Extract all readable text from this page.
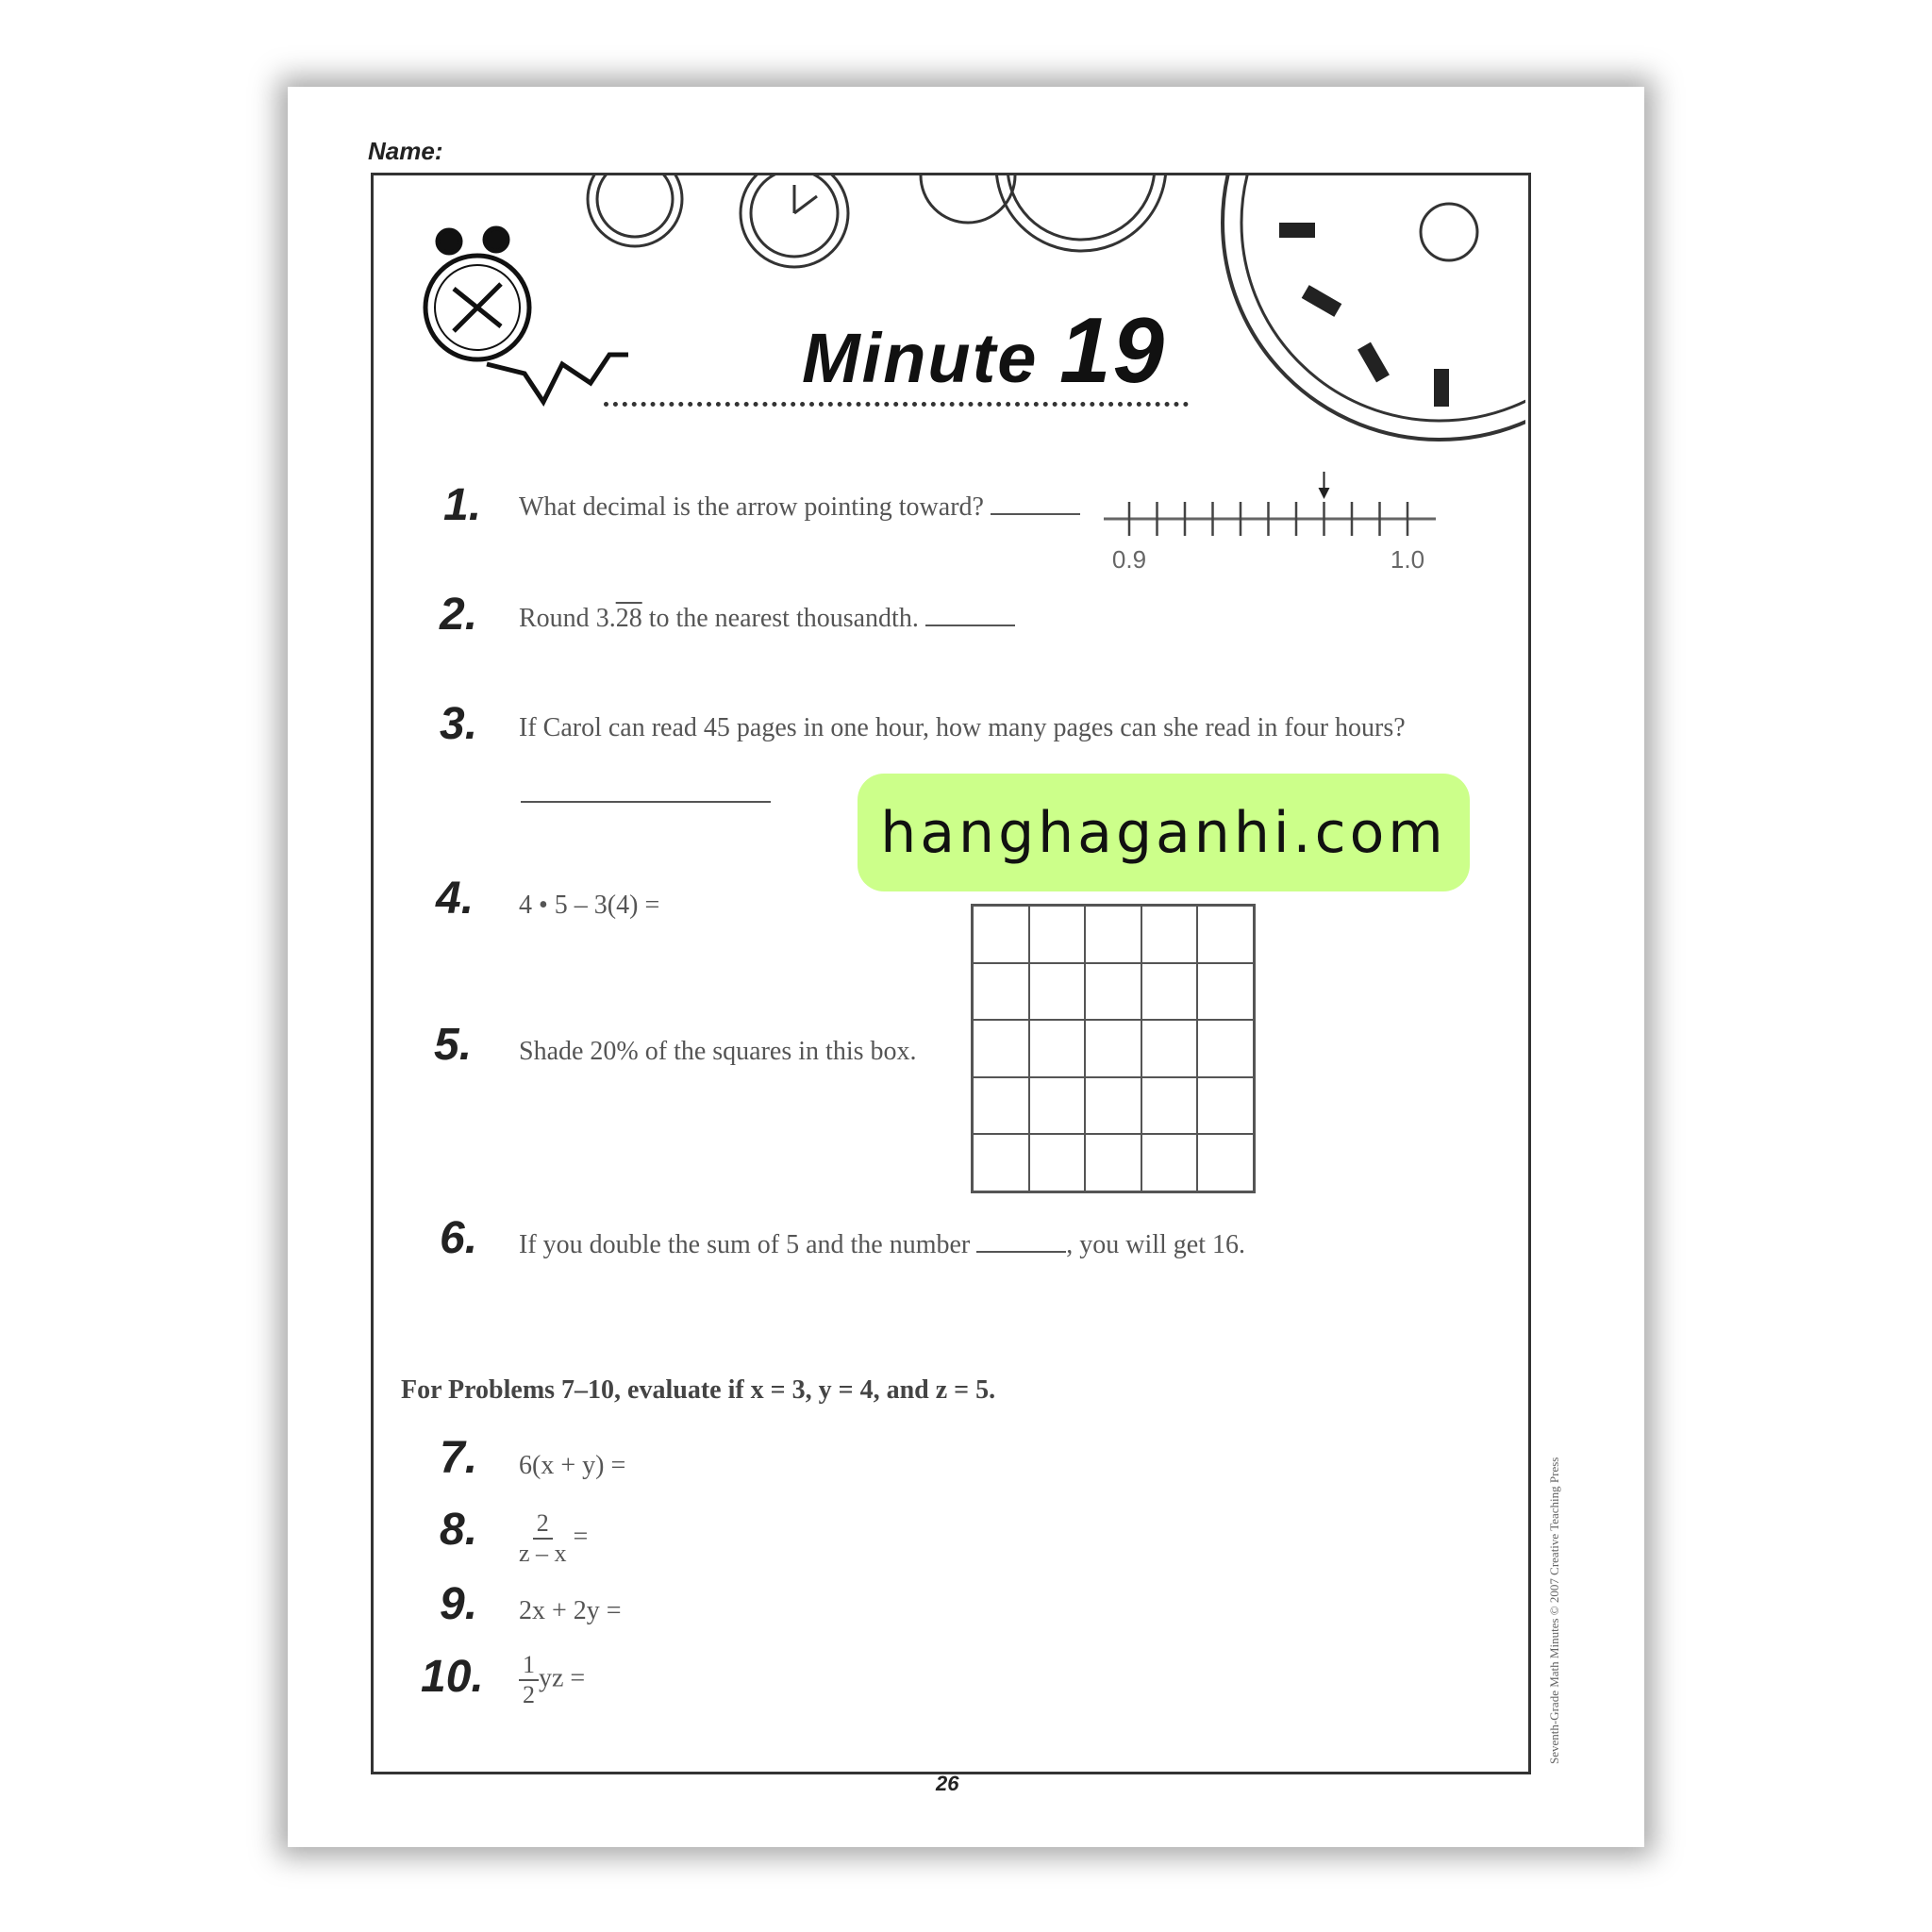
Name:
Minute 19
1. What decimal is the arrow pointing toward?
0.9	1.0
2. Round 3.28 to the nearest thousandth.
3. If Carol can read 45 pages in one hour, how many pages can she read in four hours?
4. 4 • 5 – 3(4) =
5. Shade 20% of the squares in this box.
6. If you double the sum of 5 and the number	, you will get 16.
For Problems 7–10, evaluate if x = 3, y = 4, and z = 5.
7. 6(x + y) =
8. $\frac{2}{z - x}$ =
9. 2x + 2y =
10. $\frac{1}{2}$ yz =
26
Seventh-Grade Math Minutes © 2007 Creative Teaching Press
hanghaganhi.com
